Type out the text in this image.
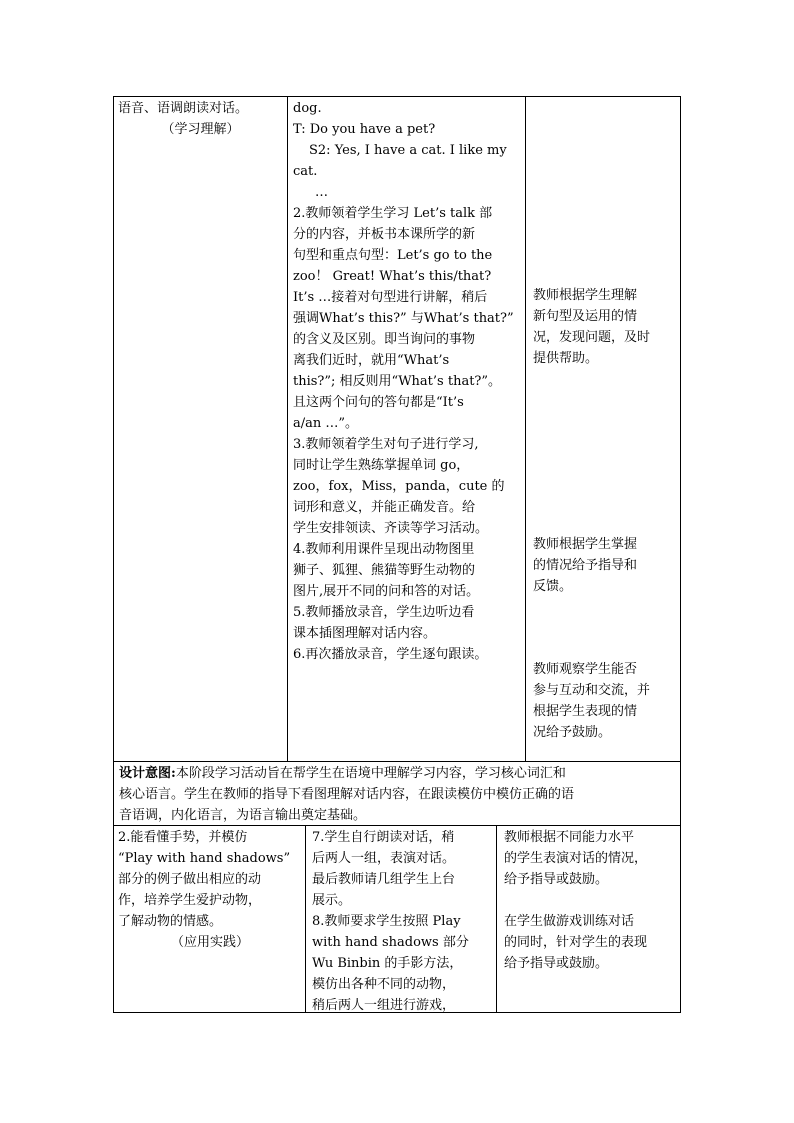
语音、语调朗读对话。

（学习理解）

dog.

T: Do you have a pet?

S2: Yes, I have a cat. I like my

cat.

…

2.教师领着学生学习 Let’s talk 部

分的内容，并板书本课所学的新

句型和重点句型：Let’s go to the

zoo！ Great! What’s this/that?

It’s …接着对句型进行讲解，稍后

强调What’s this?” 与What’s that?”

的含义及区别。即当询问的事物

离我们近时，就用“What’s

this?”; 相反则用“What’s that?”。

且这两个问句的答句都是“It’s

a/an …”。

3.教师领着学生对句子进行学习,

同时让学生熟练掌握单词 go，

zoo，fox，Miss，panda，cute 的

词形和意义，并能正确发音。给

学生安排领读、齐读等学习活动。

4.教师利用课件呈现出动物图里

狮子、狐狸、熊猫等野生动物的

图片,展开不同的问和答的对话。

5.教师播放录音，学生边听边看

课本插图理解对话内容。

6.再次播放录音，学生逐句跟读。

教师根据学生理解

新句型及运用的情

况，发现问题，及时

提供帮助。

教师根据学生掌握

的情况给予指导和

反馈。

教师观察学生能否

参与互动和交流，并

根据学生表现的情

况给予鼓励。

设计意图:本阶段学习活动旨在帮学生在语境中理解学习内容，学习核心词汇和

核心语言。学生在教师的指导下看图理解对话内容，在跟读模仿中模仿正确的语

音语调，内化语言，为语言输出奠定基础。

2.能看懂手势，并模仿

“Play with hand shadows”

部分的例子做出相应的动

作，培养学生爱护动物，

了解动物的情感。

（应用实践）

7.学生自行朗读对话，稍

后两人一组，表演对话。

最后教师请几组学生上台

展示。

8.教师要求学生按照 Play

with hand shadows 部分

Wu Binbin 的手影方法，

模仿出各种不同的动物，

稍后两人一组进行游戏，

教师根据不同能力水平

的学生表演对话的情况，

给予指导或鼓励。

在学生做游戏训练对话

的同时，针对学生的表现

给予指导或鼓励。
